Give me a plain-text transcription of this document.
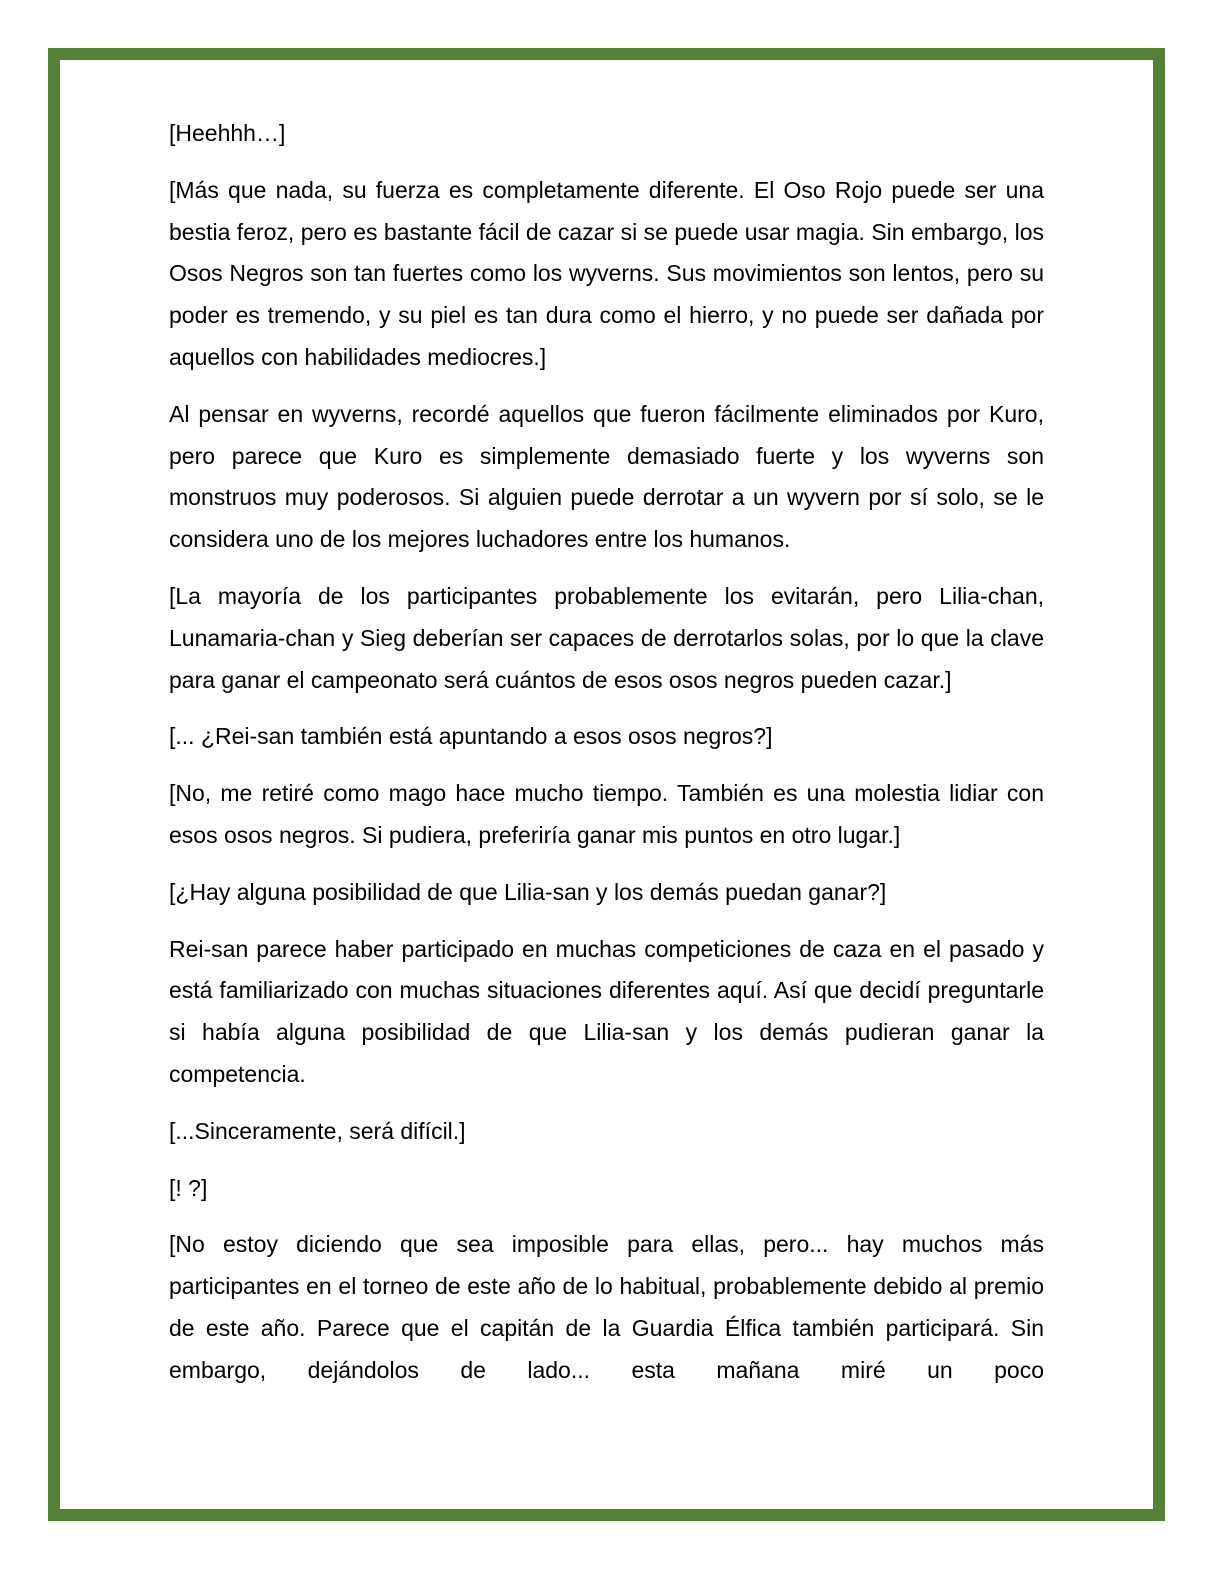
[Heehhh…]

[Más que nada, su fuerza es completamente diferente. El Oso Rojo puede ser una bestia feroz, pero es bastante fácil de cazar si se puede usar magia. Sin embargo, los Osos Negros son tan fuertes como los wyverns. Sus movimientos son lentos, pero su poder es tremendo, y su piel es tan dura como el hierro, y no puede ser dañada por aquellos con habilidades mediocres.]

Al pensar en wyverns, recordé aquellos que fueron fácilmente eliminados por Kuro, pero parece que Kuro es simplemente demasiado fuerte y los wyverns son monstruos muy poderosos. Si alguien puede derrotar a un wyvern por sí solo, se le considera uno de los mejores luchadores entre los humanos.

[La mayoría de los participantes probablemente los evitarán, pero Lilia-chan, Lunamaria-chan y Sieg deberían ser capaces de derrotarlos solas, por lo que la clave para ganar el campeonato será cuántos de esos osos negros pueden cazar.]

[... ¿Rei-san también está apuntando a esos osos negros?]

[No, me retiré como mago hace mucho tiempo. También es una molestia lidiar con esos osos negros. Si pudiera, preferiría ganar mis puntos en otro lugar.]

[¿Hay alguna posibilidad de que Lilia-san y los demás puedan ganar?]

Rei-san parece haber participado en muchas competiciones de caza en el pasado y está familiarizado con muchas situaciones diferentes aquí. Así que decidí preguntarle si había alguna posibilidad de que Lilia-san y los demás pudieran ganar la competencia.

[...Sinceramente, será difícil.]

[! ?]

[No estoy diciendo que sea imposible para ellas, pero... hay muchos más participantes en el torneo de este año de lo habitual, probablemente debido al premio de este año. Parece que el capitán de la Guardia Élfica también participará. Sin embargo, dejándolos de lado... esta mañana miré un poco
